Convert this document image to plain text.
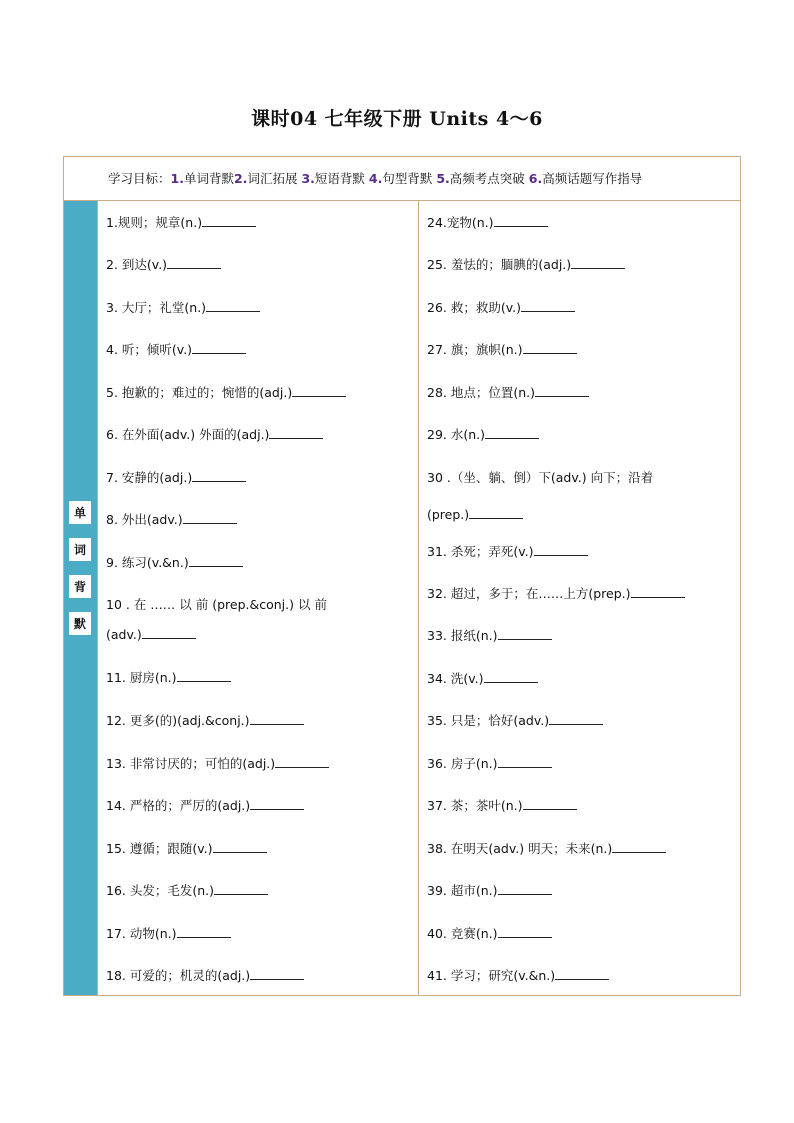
课时04 七年级下册 Units 4～6
学习目标：1.单词背默2.词汇拓展 3.短语背默 4.句型背默 5.高频考点突破 6.高频话题写作指导
单
词
背
默
1.规则；规章(n.)
2. 到达(v.)
3. 大厅；礼堂(n.)
4. 听；倾听(v.)
5. 抱歉的；难过的；惋惜的(adj.)
6. 在外面(adv.) 外面的(adj.)
7. 安静的(adj.)
8. 外出(adv.)
9. 练习(v.&n.)
10 . 在 …… 以 前 (prep.&conj.) 以 前
(adv.)
11. 厨房(n.)
12. 更多(的)(adj.&conj.)
13. 非常讨厌的；可怕的(adj.)
14. 严格的；严厉的(adj.)
15. 遵循；跟随(v.)
16. 头发；毛发(n.)
17. 动物(n.)
18. 可爱的；机灵的(adj.)
24.宠物(n.)
25. 羞怯的；腼腆的(adj.)
26. 救；救助(v.)
27. 旗；旗帜(n.)
28. 地点；位置(n.)
29. 水(n.)
30 .（坐、躺、倒）下(adv.) 向下；沿着
(prep.)
31. 杀死；弄死(v.)
32. 超过，多于；在……上方(prep.)
33. 报纸(n.)
34. 洗(v.)
35. 只是；恰好(adv.)
36. 房子(n.)
37. 茶；茶叶(n.)
38. 在明天(adv.) 明天；未来(n.)
39. 超市(n.)
40. 竞赛(n.)
41. 学习；研究(v.&n.)
